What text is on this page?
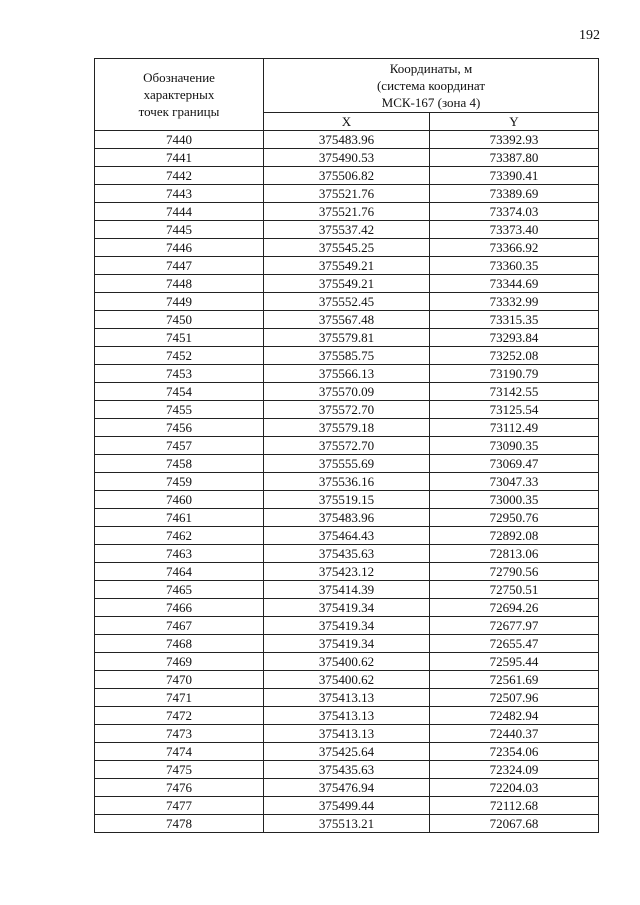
192
Обозначение
характерных
точек границы	Координаты, м
(система координат
МСК-167 (зона 4)	

	X	Y
7440	375483.96	73392.93
7441	375490.53	73387.80
7442	375506.82	73390.41
7443	375521.76	73389.69
7444	375521.76	73374.03
7445	375537.42	73373.40
7446	375545.25	73366.92
7447	375549.21	73360.35
7448	375549.21	73344.69
7449	375552.45	73332.99
7450	375567.48	73315.35
7451	375579.81	73293.84
7452	375585.75	73252.08
7453	375566.13	73190.79
7454	375570.09	73142.55
7455	375572.70	73125.54
7456	375579.18	73112.49
7457	375572.70	73090.35
7458	375555.69	73069.47
7459	375536.16	73047.33
7460	375519.15	73000.35
7461	375483.96	72950.76
7462	375464.43	72892.08
7463	375435.63	72813.06
7464	375423.12	72790.56
7465	375414.39	72750.51
7466	375419.34	72694.26
7467	375419.34	72677.97
7468	375419.34	72655.47
7469	375400.62	72595.44
7470	375400.62	72561.69
7471	375413.13	72507.96
7472	375413.13	72482.94
7473	375413.13	72440.37
7474	375425.64	72354.06
7475	375435.63	72324.09
7476	375476.94	72204.03
7477	375499.44	72112.68
7478	375513.21	72067.68
